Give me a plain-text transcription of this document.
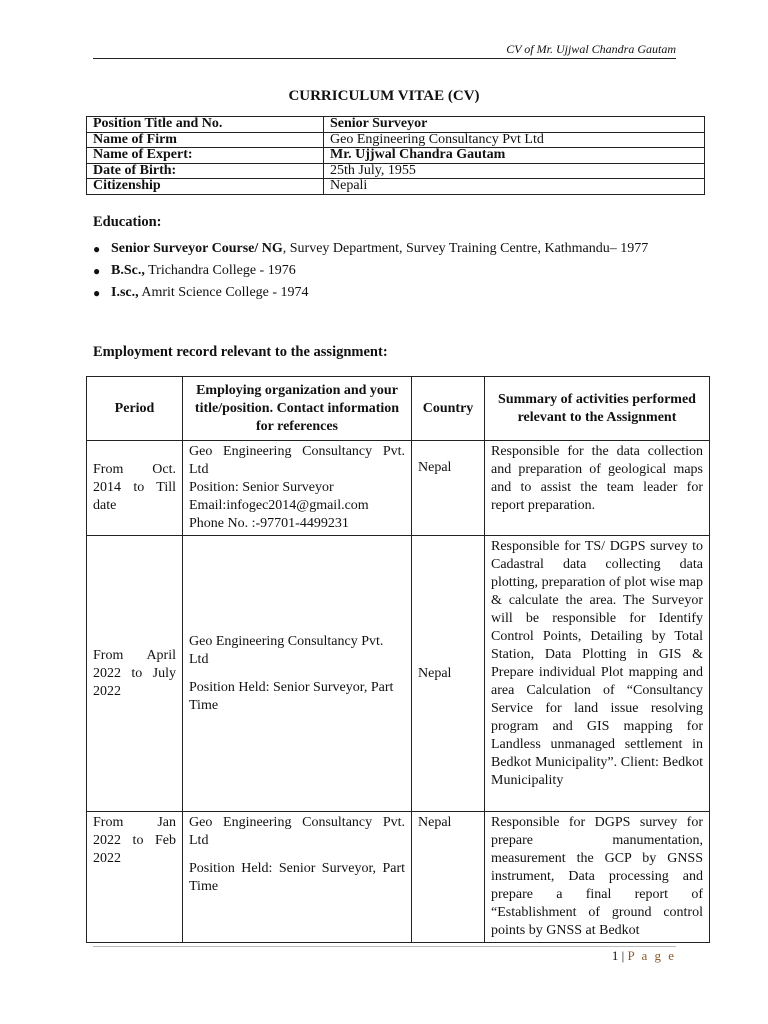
CV of Mr. Ujjwal Chandra Gautam
CURRICULUM VITAE (CV)
Position Title and No.	Senior Surveyor
Name of Firm	Geo Engineering Consultancy Pvt Ltd
Name of Expert:	Mr. Ujjwal Chandra Gautam
Date of Birth:	25th July, 1955
Citizenship	Nepali
Education:
● Senior Surveyor Course/ NG, Survey Department, Survey Training Centre, Kathmandu– 1977
● B.Sc., Trichandra College - 1976
● I.sc., Amrit Science College - 1974
Employment record relevant to the assignment:
Period	Employing organization and your title/position. Contact information for references	Country	Summary of activities performed relevant to the Assignment
From Oct. 2014 to Till date	Geo Engineering Consultancy Pvt. Ltd
Position: Senior Surveyor
Email:infogec2014@gmail.com
Phone No. :-97701-4499231	Nepal	Responsible for the data collection and preparation of geological maps and to assist the team leader for report preparation.
From April 2022 to July 2022	Geo Engineering Consultancy Pvt. Ltd
Position Held: Senior Surveyor, Part Time	Nepal	Responsible for TS/ DGPS survey to Cadastral data collecting data plotting, preparation of plot wise map & calculate the area. The Surveyor will be responsible for Identify Control Points, Detailing by Total Station, Data Plotting in GIS & Prepare individual Plot mapping and area Calculation of “Consultancy Service for land issue resolving program and GIS mapping for Landless unmanaged settlement in Bedkot Municipality”. Client: Bedkot Municipality
From Jan 2022 to Feb 2022	Geo Engineering Consultancy Pvt. Ltd
Position Held: Senior Surveyor, Part Time	Nepal	Responsible for DGPS survey for prepare manumentation, measurement the GCP by GNSS instrument, Data processing and prepare a final report of “Establishment of ground control points by GNSS at Bedkot
1 | P a g e
